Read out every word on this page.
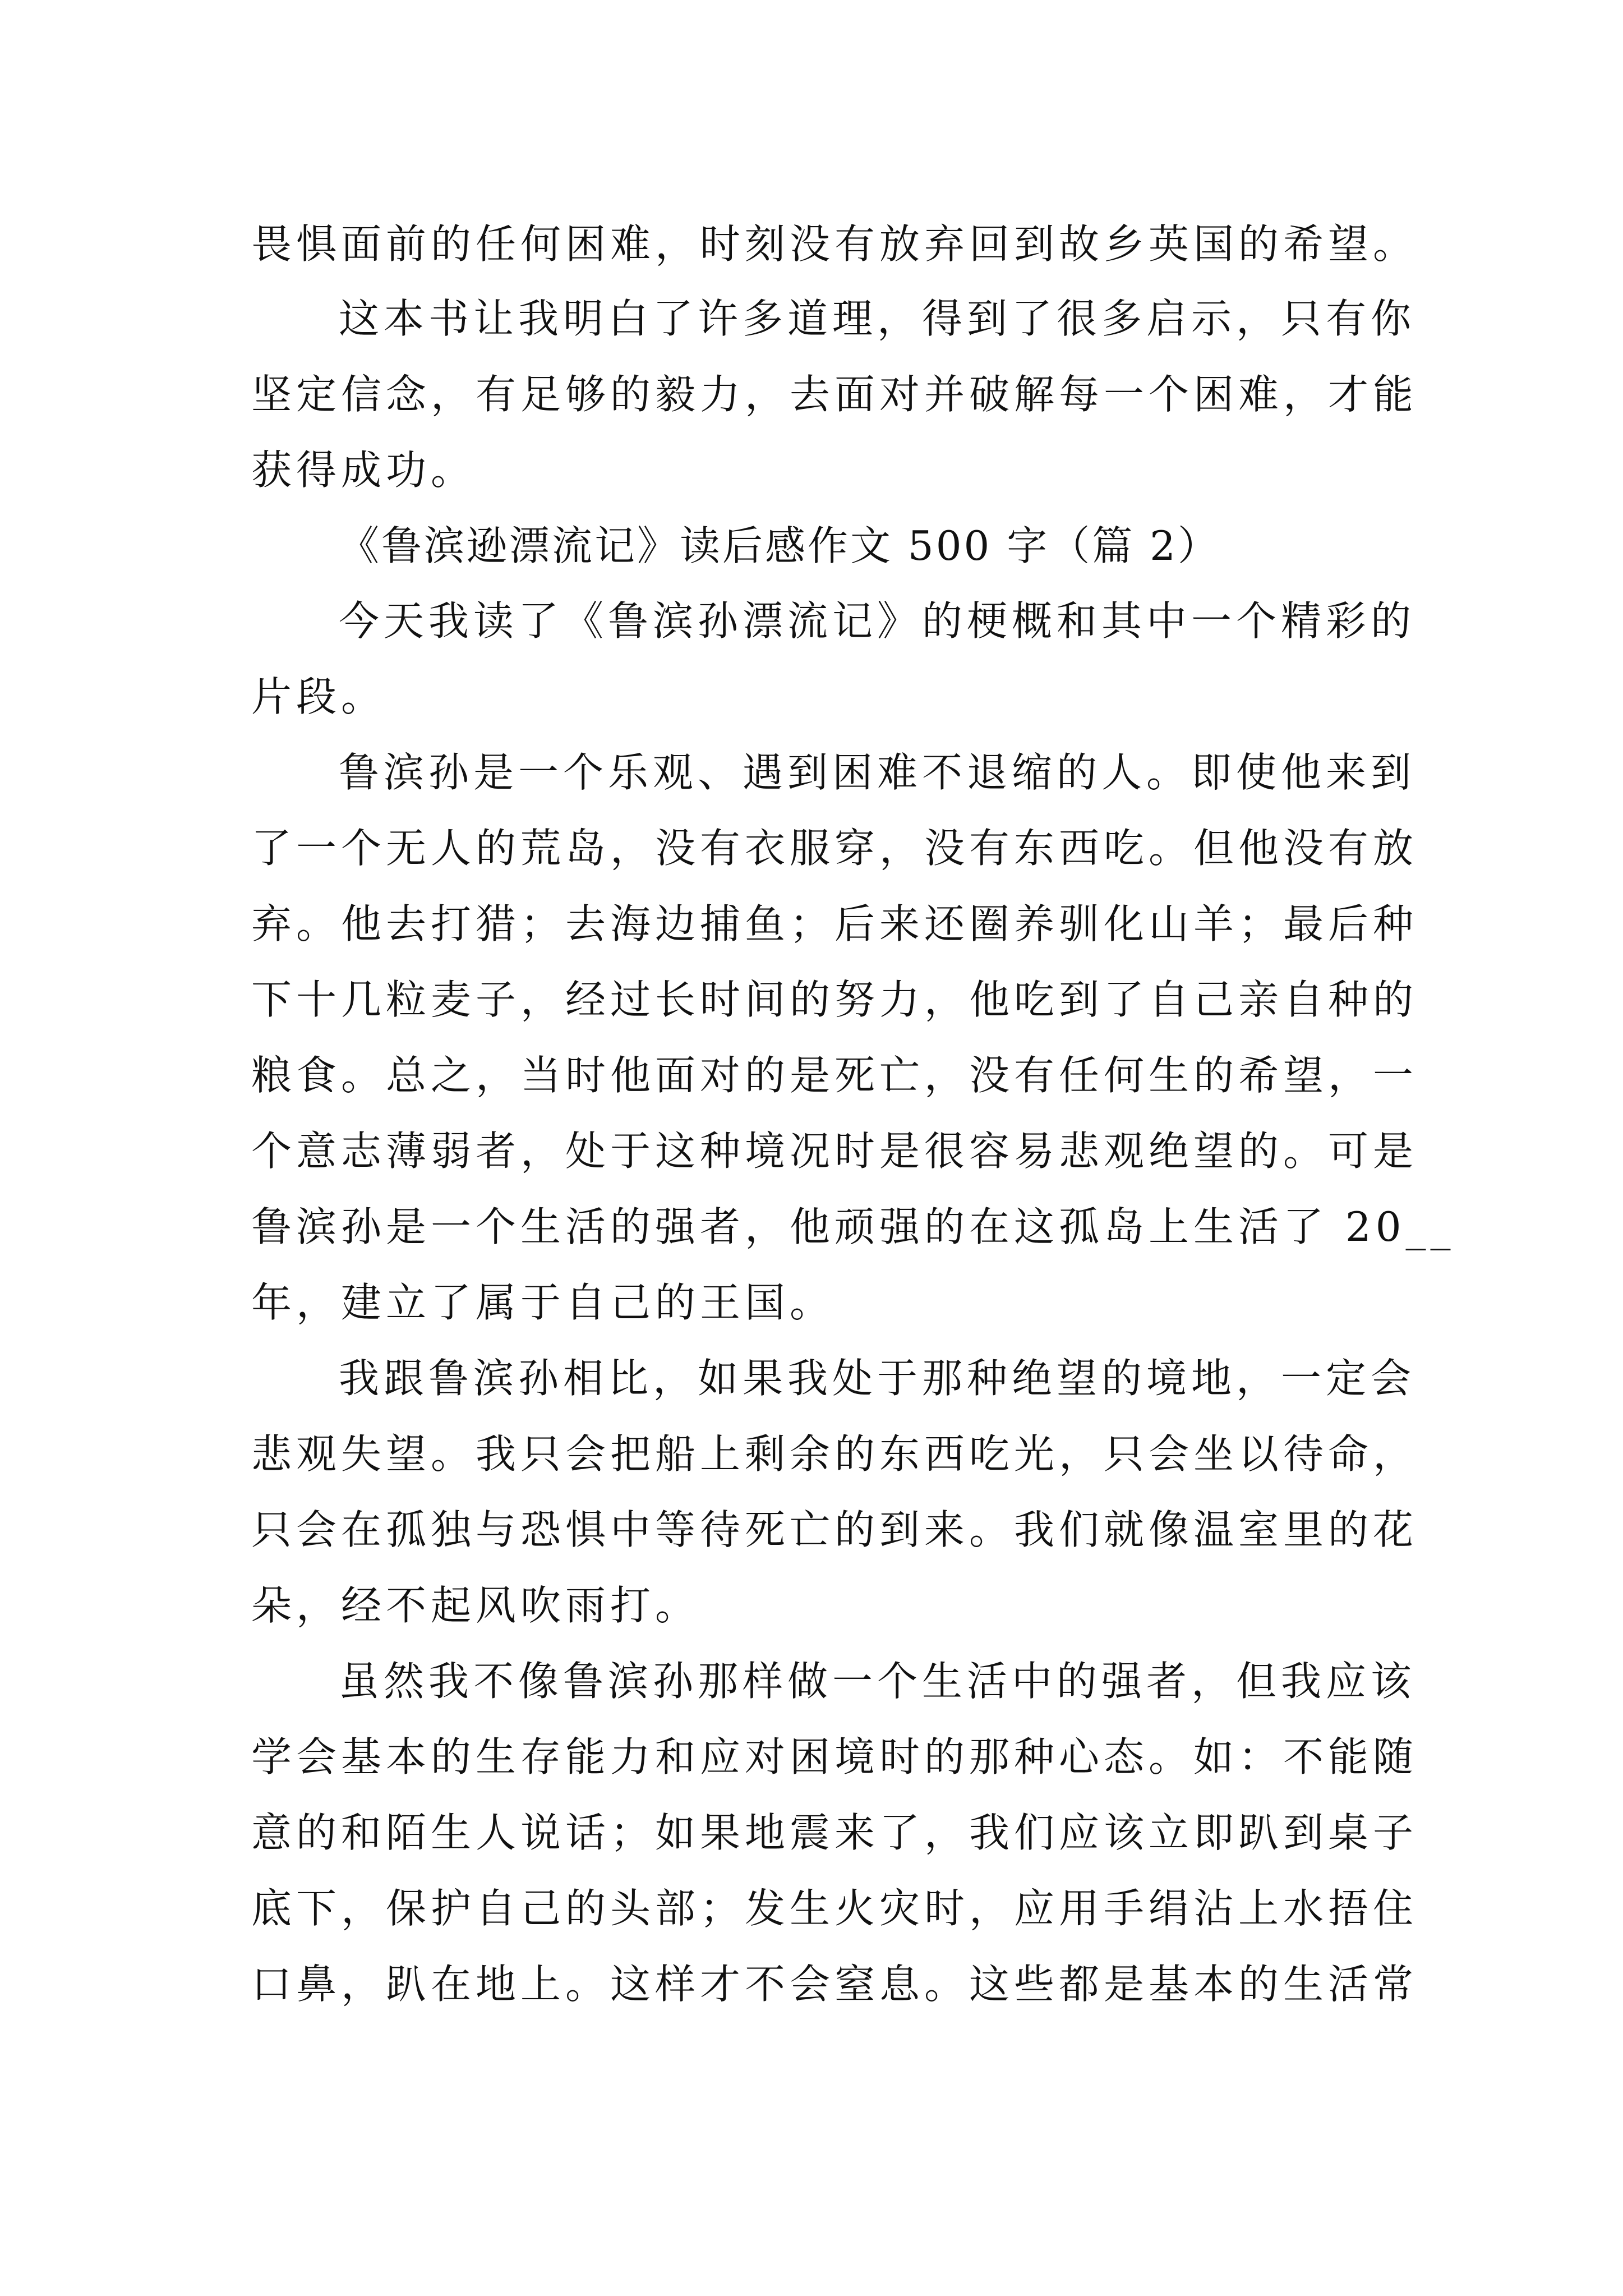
畏惧面前的任何困难，时刻没有放弃回到故乡英国的希望。
这本书让我明白了许多道理，得到了很多启示，只有你
坚定信念，有足够的毅力，去面对并破解每一个困难，才能
获得成功。
《鲁滨逊漂流记》读后感作文 500 字（篇 2）
今天我读了《鲁滨孙漂流记》的梗概和其中一个精彩的
片段。
鲁滨孙是一个乐观、遇到困难不退缩的人。即使他来到
了一个无人的荒岛，没有衣服穿，没有东西吃。但他没有放
弃。他去打猎；去海边捕鱼；后来还圈养驯化山羊；最后种
下十几粒麦子，经过长时间的努力，他吃到了自己亲自种的
粮食。总之，当时他面对的是死亡，没有任何生的希望，一
个意志薄弱者，处于这种境况时是很容易悲观绝望的。可是
鲁滨孙是一个生活的强者，他顽强的在这孤岛上生活了 20__
年，建立了属于自己的王国。
我跟鲁滨孙相比，如果我处于那种绝望的境地，一定会
悲观失望。我只会把船上剩余的东西吃光，只会坐以待命，
只会在孤独与恐惧中等待死亡的到来。我们就像温室里的花
朵，经不起风吹雨打。
虽然我不像鲁滨孙那样做一个生活中的强者，但我应该
学会基本的生存能力和应对困境时的那种心态。如：不能随
意的和陌生人说话；如果地震来了，我们应该立即趴到桌子
底下，保护自己的头部；发生火灾时，应用手绢沾上水捂住
口鼻，趴在地上。这样才不会窒息。这些都是基本的生活常
